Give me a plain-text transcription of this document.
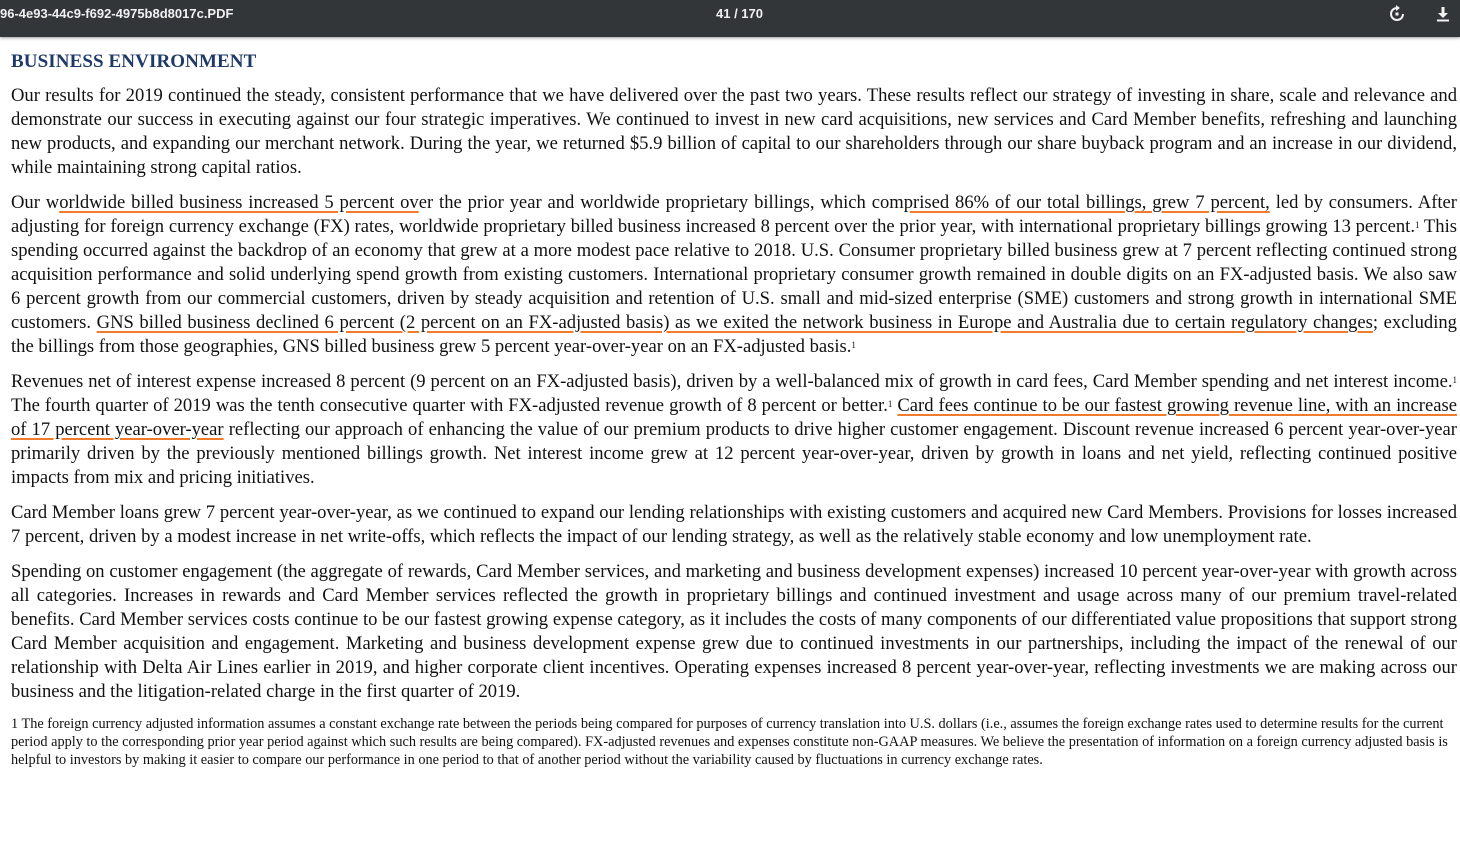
96-4e93-44c9-f692-4975b8d8017c.PDF	41 / 170
BUSINESS ENVIRONMENT

Our results for 2019 continued the steady, consistent performance that we have delivered over the past two years. These results reflect our strategy of investing in share, scale and relevance and demonstrate our success in executing against our four strategic imperatives. We continued to invest in new card acquisitions, new services and Card Member benefits, refreshing and launching new products, and expanding our merchant network. During the year, we returned $5.9 billion of capital to our shareholders through our share buyback program and an increase in our dividend, while maintaining strong capital ratios.

Our worldwide billed business increased 5 percent over the prior year and worldwide proprietary billings, which comprised 86% of our total billings, grew 7 percent, led by consumers. After adjusting for foreign currency exchange (FX) rates, worldwide proprietary billed business increased 8 percent over the prior year, with international proprietary billings growing 13 percent.$^1$ This spending occurred against the backdrop of an economy that grew at a more modest pace relative to 2018. U.S. Consumer proprietary billed business grew at 7 percent reflecting continued strong acquisition performance and solid underlying spend growth from existing customers. International proprietary consumer growth remained in double digits on an FX-adjusted basis. We also saw 6 percent growth from our commercial customers, driven by steady acquisition and retention of U.S. small and mid-sized enterprise (SME) customers and strong growth in international SME customers. GNS billed business declined 6 percent (2 percent on an FX-adjusted basis) as we exited the network business in Europe and Australia due to certain regulatory changes; excluding the billings from those geographies, GNS billed business grew 5 percent year-over-year on an FX-adjusted basis.$^1$

Revenues net of interest expense increased 8 percent (9 percent on an FX-adjusted basis), driven by a well-balanced mix of growth in card fees, Card Member spending and net interest income.$^1$ The fourth quarter of 2019 was the tenth consecutive quarter with FX-adjusted revenue growth of 8 percent or better.$^1$ Card fees continue to be our fastest growing revenue line, with an increase of 17 percent year-over-year reflecting our approach of enhancing the value of our premium products to drive higher customer engagement. Discount revenue increased 6 percent year-over-year primarily driven by the previously mentioned billings growth. Net interest income grew at 12 percent year-over-year, driven by growth in loans and net yield, reflecting continued positive impacts from mix and pricing initiatives.

Card Member loans grew 7 percent year-over-year, as we continued to expand our lending relationships with existing customers and acquired new Card Members. Provisions for losses increased 7 percent, driven by a modest increase in net write-offs, which reflects the impact of our lending strategy, as well as the relatively stable economy and low unemployment rate.

Spending on customer engagement (the aggregate of rewards, Card Member services, and marketing and business development expenses) increased 10 percent year-over-year with growth across all categories. Increases in rewards and Card Member services reflected the growth in proprietary billings and continued investment and usage across many of our premium travel-related benefits. Card Member services costs continue to be our fastest growing expense category, as it includes the costs of many components of our differentiated value propositions that support strong Card Member acquisition and engagement. Marketing and business development expense grew due to continued investments in our partnerships, including the impact of the renewal of our relationship with Delta Air Lines earlier in 2019, and higher corporate client incentives. Operating expenses increased 8 percent year-over-year, reflecting investments we are making across our business and the litigation-related charge in the first quarter of 2019.

1 The foreign currency adjusted information assumes a constant exchange rate between the periods being compared for purposes of currency translation into U.S. dollars (i.e., assumes the foreign exchange rates used to determine results for the current period apply to the corresponding prior year period against which such results are being compared). FX-adjusted revenues and expenses constitute non-GAAP measures. We believe the presentation of information on a foreign currency adjusted basis is helpful to investors by making it easier to compare our performance in one period to that of another period without the variability caused by fluctuations in currency exchange rates.
